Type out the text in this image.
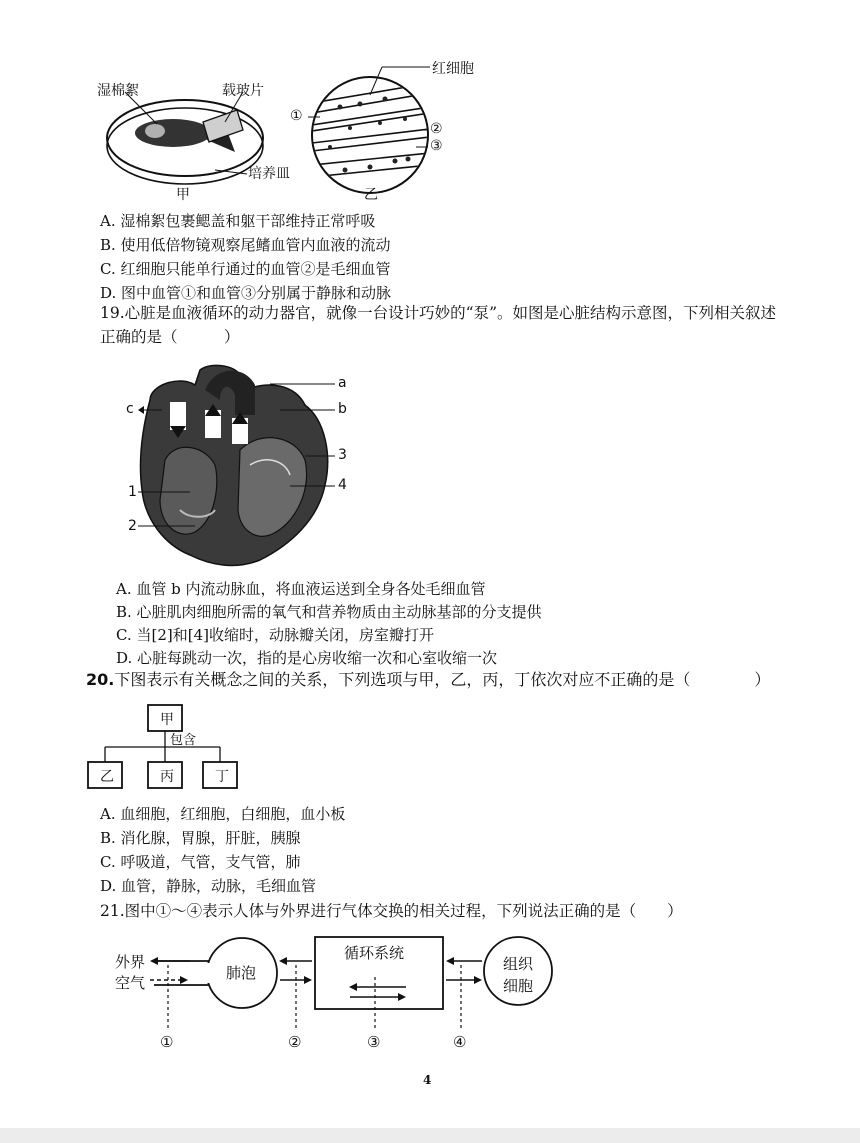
湿棉絮	载玻片
培养皿
甲
红细胞
①
②
③
乙
A. 湿棉絮包裹鳃盖和躯干部维持正常呼吸
B. 使用低倍物镜观察尾鳍血管内血液的流动
C. 红细胞只能单行通过的血管②是毛细血管
D. 图中血管①和血管③分别属于静脉和动脉
19.心脏是血液循环的动力器官，就像一台设计巧妙的“泵”。如图是心脏结构示意图，下列相关叙述
正确的是（　　　）
a
b
c
3
4
1
2
A. 血管 b 内流动脉血，将血液运送到全身各处毛细血管
B. 心脏肌肉细胞所需的氧气和营养物质由主动脉基部的分支提供
C. 当[2]和[4]收缩时，动脉瓣关闭，房室瓣打开
D. 心脏每跳动一次，指的是心房收缩一次和心室收缩一次
20.下图表示有关概念之间的关系，下列选项与甲，乙，丙，丁依次对应不正确的是（　　　　）
甲
包含
乙	丙	丁
A. 血细胞，红细胞，白细胞，血小板
B. 消化腺，胃腺，肝脏，胰腺
C. 呼吸道，气管，支气管，肺
D. 血管，静脉，动脉，毛细血管
21.图中①～④表示人体与外界进行气体交换的相关过程，下列说法正确的是（　　）
外界
空气
肺泡
循环系统
组织
细胞
①	②	③	④
4
